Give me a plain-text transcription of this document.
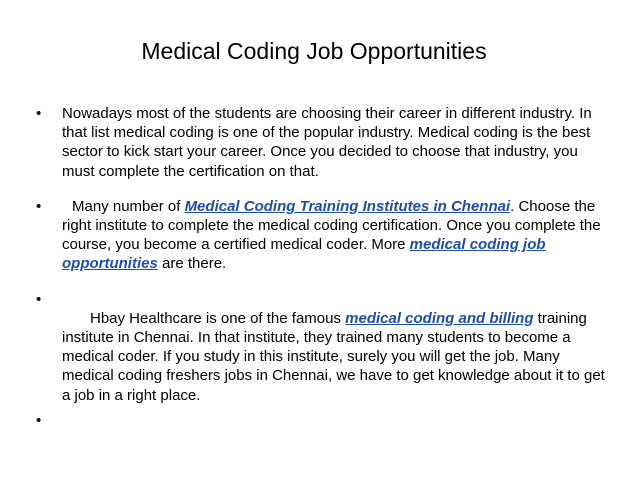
Medical Coding Job Opportunities
•	Nowadays most of the students are choosing their career in different industry. In that list medical coding is one of the popular industry. Medical coding is the best sector to kick start your career. Once you decided to choose that industry, you must complete the certification on that.
•	Many number of Medical Coding Training Institutes in Chennai. Choose the right institute to complete the medical coding certification. Once you complete the course, you become a certified medical coder. More medical coding job opportunities are there.
•

Hbay Healthcare is one of the famous medical coding and billing training institute in Chennai. In that institute, they trained many students to become a medical coder. If you study in this institute, surely you will get the job. Many medical coding freshers jobs in Chennai, we have to get knowledge about it to get a job in a right place.
•
